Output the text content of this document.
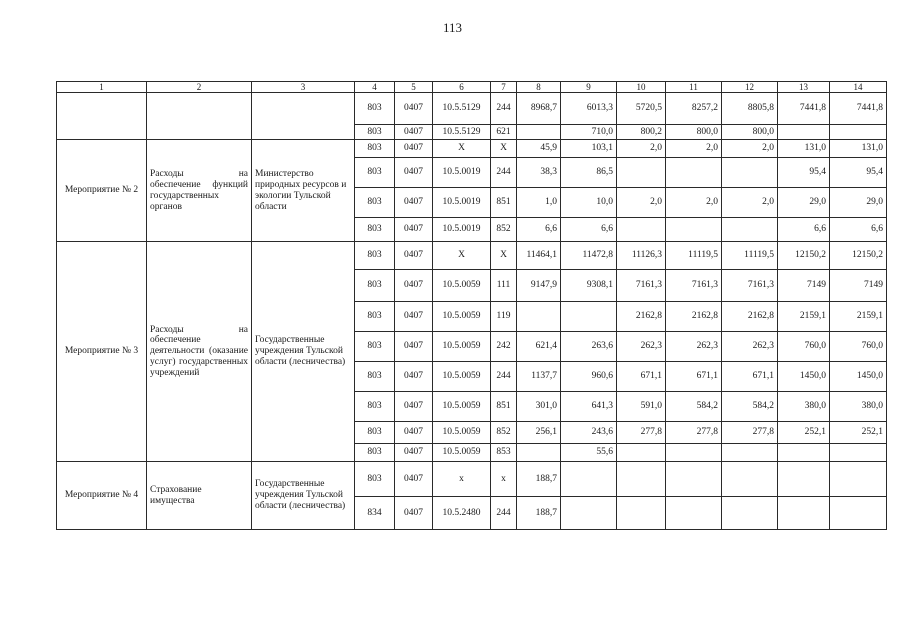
113
1	2	3	4	5	6	7	8	9	10	11	12	13	14
			803	0407	10.5.5129	244	8968,7	6013,3	5720,5	8257,2	8805,8	7441,8	7441,8
			803	0407	10.5.5129	621		710,0	800,2	800,0	800,0		
Мероприятие № 2	Расходы на обеспечение функций государственных органов	Министерство природных ресурсов и экологии Тульской области	803	0407	Х	Х	45,9	103,1	2,0	2,0	2,0	131,0	131,0
			803	0407	10.5.0019	244	38,3	86,5				95,4	95,4
			803	0407	10.5.0019	851	1,0	10,0	2,0	2,0	2,0	29,0	29,0
			803	0407	10.5.0019	852	6,6	6,6				6,6	6,6
Мероприятие № 3	Расходы на обеспечение деятельности (оказание услуг) государственных учреждений	Государственные учреждения Тульской области (лесничества)	803	0407	Х	Х	11464,1	11472,8	11126,3	11119,5	11119,5	12150,2	12150,2
			803	0407	10.5.0059	111	9147,9	9308,1	7161,3	7161,3	7161,3	7149	7149
			803	0407	10.5.0059	119			2162,8	2162,8	2162,8	2159,1	2159,1
			803	0407	10.5.0059	242	621,4	263,6	262,3	262,3	262,3	760,0	760,0
			803	0407	10.5.0059	244	1137,7	960,6	671,1	671,1	671,1	1450,0	1450,0
			803	0407	10.5.0059	851	301,0	641,3	591,0	584,2	584,2	380,0	380,0
			803	0407	10.5.0059	852	256,1	243,6	277,8	277,8	277,8	252,1	252,1
			803	0407	10.5.0059	853		55,6					
Мероприятие № 4	Страхование имущества	Государственные учреждения Тульской области (лесничества)	803	0407	х	х	188,7						
			834	0407	10.5.2480	244	188,7						
